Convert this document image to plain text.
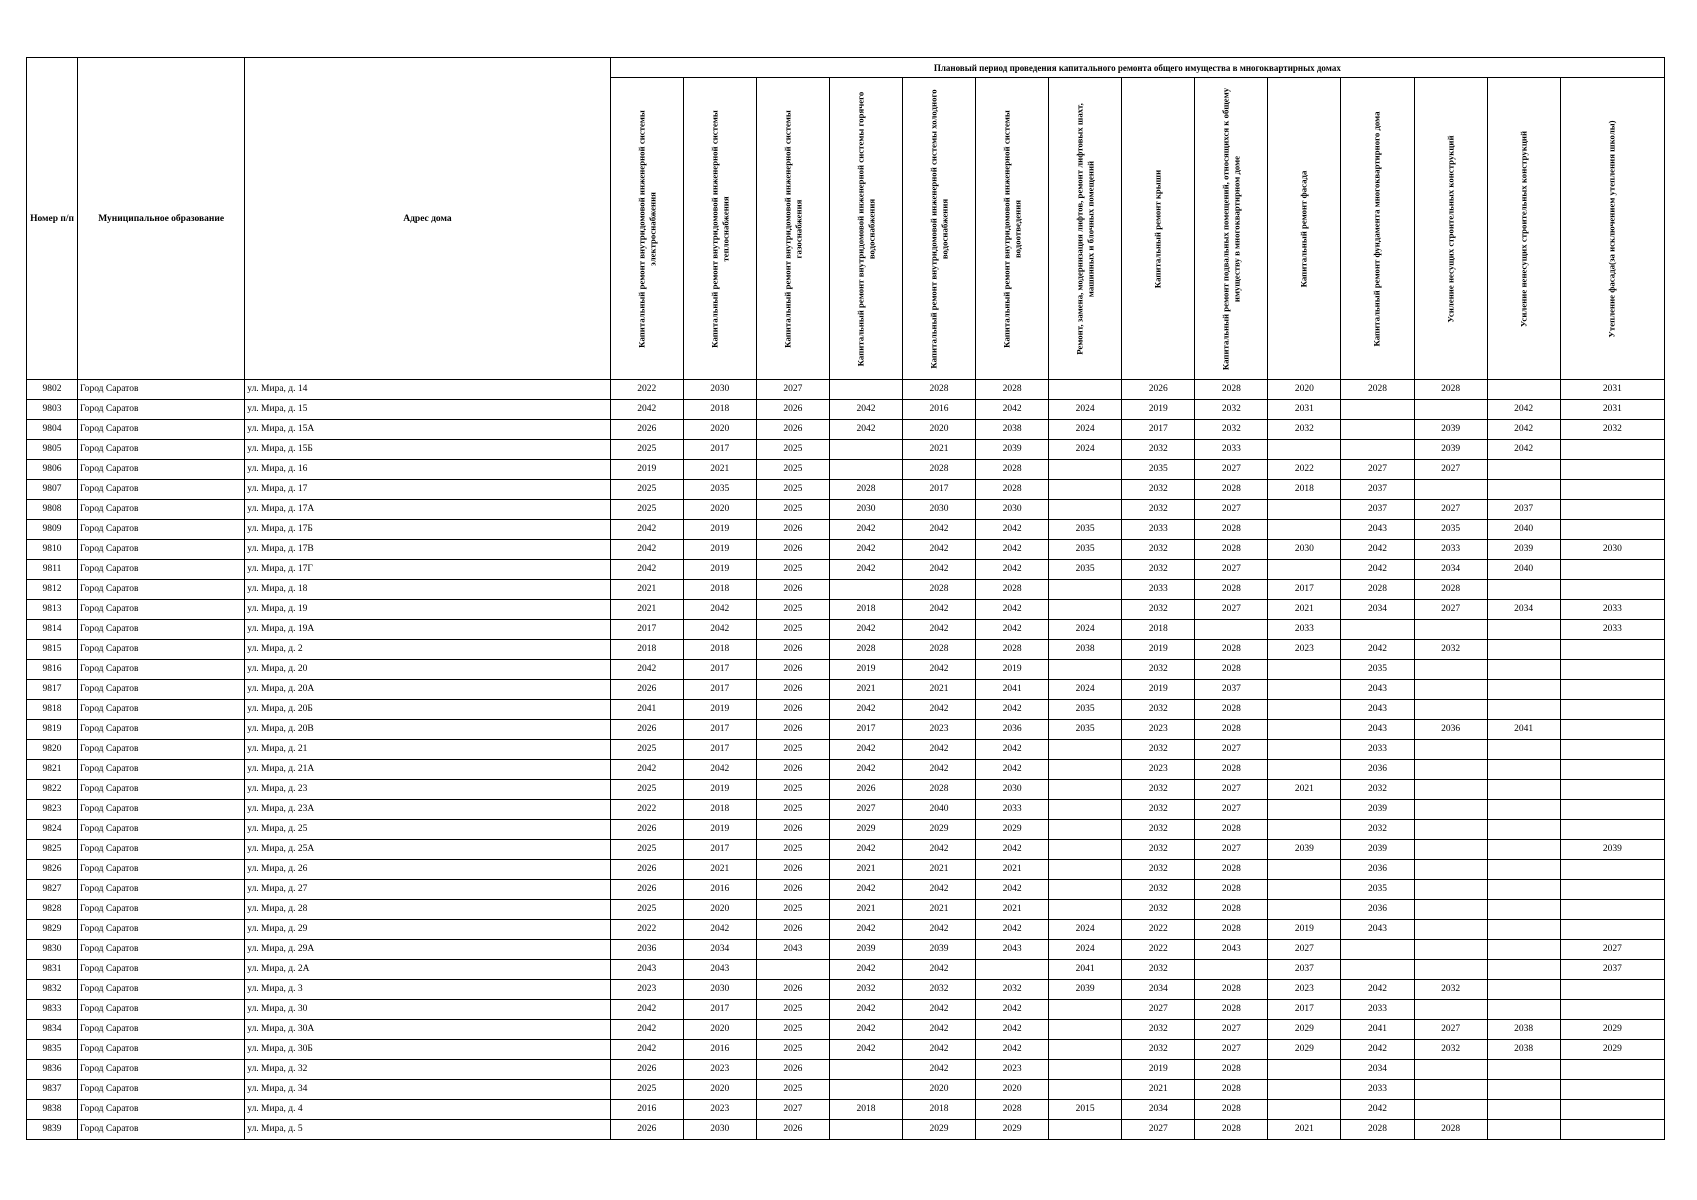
Номер п/п	Муниципальное образование	Адрес дома	Плановый период проведения капитального ремонта общего имущества в многоквартирных домах													

			Капитальный ремонт внутридомовой инженерной системы электроснабжения	Капитальный ремонт внутридомовой инженерной системы теплоснабжения	Капитальный ремонт внутридомовой инженерной системы газоснабжения	Капитальный ремонт внутридомовой инженерной системы горячего водоснабжения	Капитальный ремонт внутридомовой инженерной системы холодного водоснабжения	Капитальный ремонт внутридомовой инженерной системы водоотведения	Ремонт, замена, модернизация лифтов, ремонт лифтовых шахт, машинных и блочных помещений	Капитальный ремонт крыши	Капитальный ремонт подвальных помещений, относящихся к общему имуществу в многоквартирном доме	Капитальный ремонт фасада	Капитальный ремонт фундамента многоквартирного дома	Усиление несущих строительных конструкций	Усиление ненесущих строительных конструкций	Утепление фасада(за исключением утепления школы)

9802	Город Саратов	ул. Мира, д. 14	2022	2030	2027		2028	2028		2026	2028	2020	2028	2028		2031
9803	Город Саратов	ул. Мира, д. 15	2042	2018	2026	2042	2016	2042	2024	2019	2032	2031			2042	2031
9804	Город Саратов	ул. Мира, д. 15А	2026	2020	2026	2042	2020	2038	2024	2017	2032	2032		2039	2042	2032
9805	Город Саратов	ул. Мира, д. 15Б	2025	2017	2025		2021	2039	2024	2032	2033			2039	2042	
9806	Город Саратов	ул. Мира, д. 16	2019	2021	2025		2028	2028		2035	2027	2022	2027	2027		
9807	Город Саратов	ул. Мира, д. 17	2025	2035	2025	2028	2017	2028		2032	2028	2018	2037			
9808	Город Саратов	ул. Мира, д. 17А	2025	2020	2025	2030	2030	2030		2032	2027		2037	2027	2037	
9809	Город Саратов	ул. Мира, д. 17Б	2042	2019	2026	2042	2042	2042	2035	2033	2028		2043	2035	2040	
9810	Город Саратов	ул. Мира, д. 17В	2042	2019	2026	2042	2042	2042	2035	2032	2028	2030	2042	2033	2039	2030
9811	Город Саратов	ул. Мира, д. 17Г	2042	2019	2025	2042	2042	2042	2035	2032	2027		2042	2034	2040	
9812	Город Саратов	ул. Мира, д. 18	2021	2018	2026		2028	2028		2033	2028	2017	2028	2028		
9813	Город Саратов	ул. Мира, д. 19	2021	2042	2025	2018	2042	2042		2032	2027	2021	2034	2027	2034	2033
9814	Город Саратов	ул. Мира, д. 19А	2017	2042	2025	2042	2042	2042	2024	2018		2033				2033
9815	Город Саратов	ул. Мира, д. 2	2018	2018	2026	2028	2028	2028	2038	2019	2028	2023	2042	2032		
9816	Город Саратов	ул. Мира, д. 20	2042	2017	2026	2019	2042	2019		2032	2028		2035			
9817	Город Саратов	ул. Мира, д. 20А	2026	2017	2026	2021	2021	2041	2024	2019	2037		2043			
9818	Город Саратов	ул. Мира, д. 20Б	2041	2019	2026	2042	2042	2042	2035	2032	2028		2043			
9819	Город Саратов	ул. Мира, д. 20В	2026	2017	2026	2017	2023	2036	2035	2023	2028		2043	2036	2041	
9820	Город Саратов	ул. Мира, д. 21	2025	2017	2025	2042	2042	2042		2032	2027		2033			
9821	Город Саратов	ул. Мира, д. 21А	2042	2042	2026	2042	2042	2042		2023	2028		2036			
9822	Город Саратов	ул. Мира, д. 23	2025	2019	2025	2026	2028	2030		2032	2027	2021	2032			
9823	Город Саратов	ул. Мира, д. 23А	2022	2018	2025	2027	2040	2033		2032	2027		2039			
9824	Город Саратов	ул. Мира, д. 25	2026	2019	2026	2029	2029	2029		2032	2028		2032			
9825	Город Саратов	ул. Мира, д. 25А	2025	2017	2025	2042	2042	2042		2032	2027	2039	2039			2039
9826	Город Саратов	ул. Мира, д. 26	2026	2021	2026	2021	2021	2021		2032	2028		2036			
9827	Город Саратов	ул. Мира, д. 27	2026	2016	2026	2042	2042	2042		2032	2028		2035			
9828	Город Саратов	ул. Мира, д. 28	2025	2020	2025	2021	2021	2021		2032	2028		2036			
9829	Город Саратов	ул. Мира, д. 29	2022	2042	2026	2042	2042	2042	2024	2022	2028	2019	2043			
9830	Город Саратов	ул. Мира, д. 29А	2036	2034	2043	2039	2039	2043	2024	2022	2043	2027				2027
9831	Город Саратов	ул. Мира, д. 2А	2043	2043		2042	2042		2041	2032		2037				2037
9832	Город Саратов	ул. Мира, д. 3	2023	2030	2026	2032	2032	2032	2039	2034	2028	2023	2042	2032		
9833	Город Саратов	ул. Мира, д. 30	2042	2017	2025	2042	2042	2042		2027	2028	2017	2033			
9834	Город Саратов	ул. Мира, д. 30А	2042	2020	2025	2042	2042	2042		2032	2027	2029	2041	2027	2038	2029
9835	Город Саратов	ул. Мира, д. 30Б	2042	2016	2025	2042	2042	2042		2032	2027	2029	2042	2032	2038	2029
9836	Город Саратов	ул. Мира, д. 32	2026	2023	2026		2042	2023		2019	2028		2034			
9837	Город Саратов	ул. Мира, д. 34	2025	2020	2025		2020	2020		2021	2028		2033			
9838	Город Саратов	ул. Мира, д. 4	2016	2023	2027	2018	2018	2028	2015	2034	2028		2042			
9839	Город Саратов	ул. Мира, д. 5	2026	2030	2026		2029	2029		2027	2028	2021	2028	2028		
